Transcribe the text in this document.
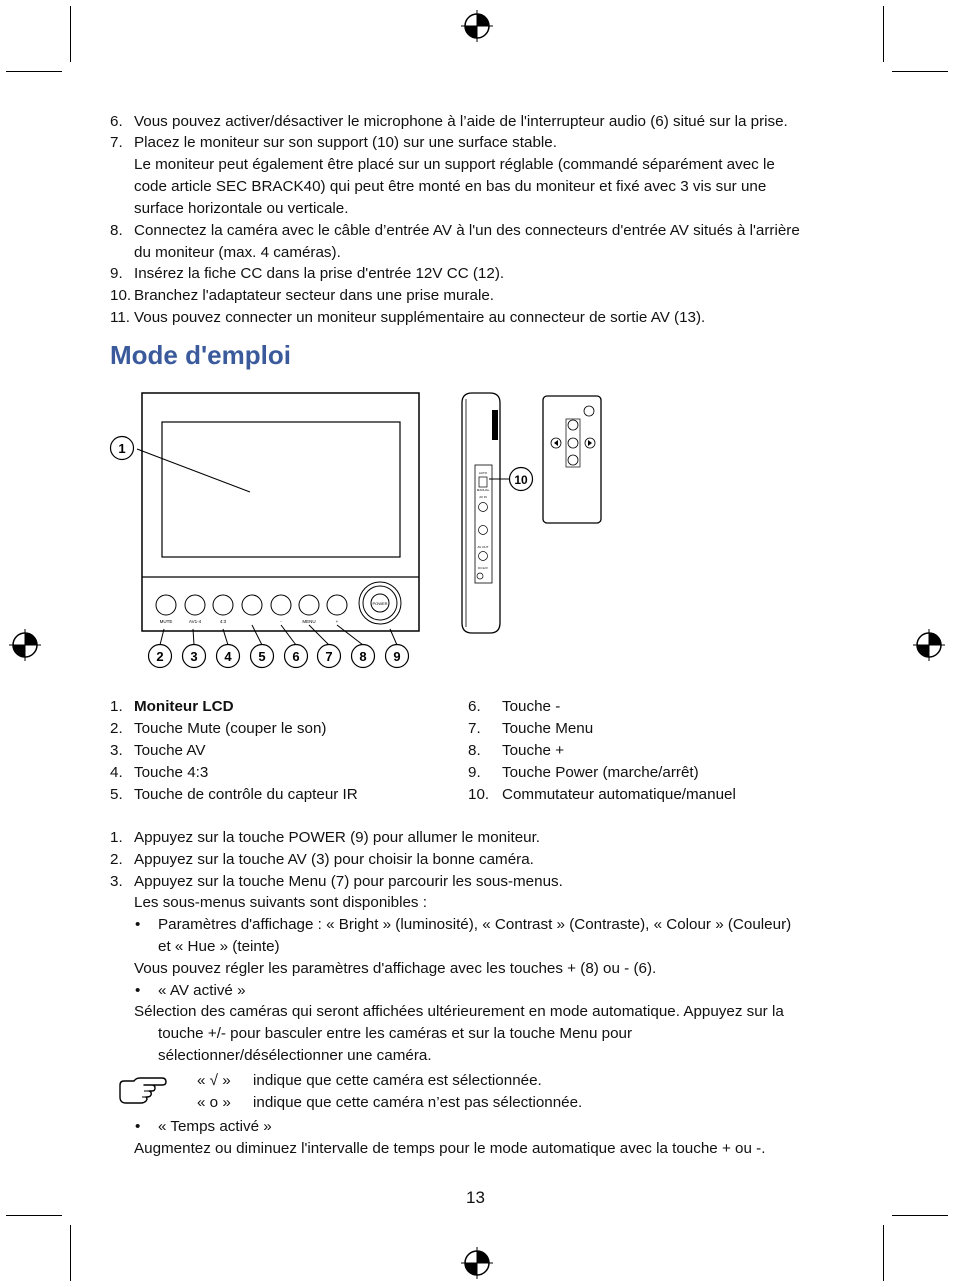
6. Vous pouvez activer/désactiver le microphone à l’aide de l'interrupteur audio (6) situé sur la prise.
7. Placez le moniteur sur son support (10) sur une surface stable.
Le moniteur peut également être placé sur un support réglable (commandé séparément avec le
code article SEC BRACK40) qui peut être monté en bas du moniteur et fixé avec 3 vis sur une
surface horizontale ou verticale.
8. Connectez la caméra avec le câble d’entrée AV à l'un des connecteurs d'entrée AV situés à l'arrière
du moniteur (max. 4 caméras).
9. Insérez la fiche CC dans la prise d'entrée 12V CC (12).
10. Branchez l'adaptateur secteur dans une prise murale.
11. Vous pouvez connecter un moniteur supplémentaire au connecteur de sortie AV (13).
Mode d'emploi
POWER
MUTE	AV1-4	4:3	-	MENU	+
1
2 3 4 5 6 7 8 9
AUTO
MANUAL
AV IN
AV OUT
DC12V
10
1. Moniteur LCD
2. Touche Mute (couper le son)
3. Touche AV
4. Touche 4:3
5. Touche de contrôle du capteur IR
6. Touche -
7. Touche Menu
8. Touche +
9. Touche Power (marche/arrêt)
10. Commutateur automatique/manuel
1. Appuyez sur la touche POWER (9) pour allumer le moniteur.
2. Appuyez sur la touche AV (3) pour choisir la bonne caméra.
3. Appuyez sur la touche Menu (7) pour parcourir les sous-menus.
Les sous-menus suivants sont disponibles :
• Paramètres d'affichage : « Bright » (luminosité), « Contrast » (Contraste), « Colour » (Couleur)
et « Hue » (teinte)
Vous pouvez régler les paramètres d'affichage avec les touches + (8) ou - (6).
• « AV activé »
Sélection des caméras qui seront affichées ultérieurement en mode automatique. Appuyez sur la
touche +/- pour basculer entre les caméras et sur la touche Menu pour
sélectionner/désélectionner une caméra.
« √ » indique que cette caméra est sélectionnée.
« ο » indique que cette caméra n’est pas sélectionnée.
• « Temps activé »
Augmentez ou diminuez l'intervalle de temps pour le mode automatique avec la touche + ou -.
13
